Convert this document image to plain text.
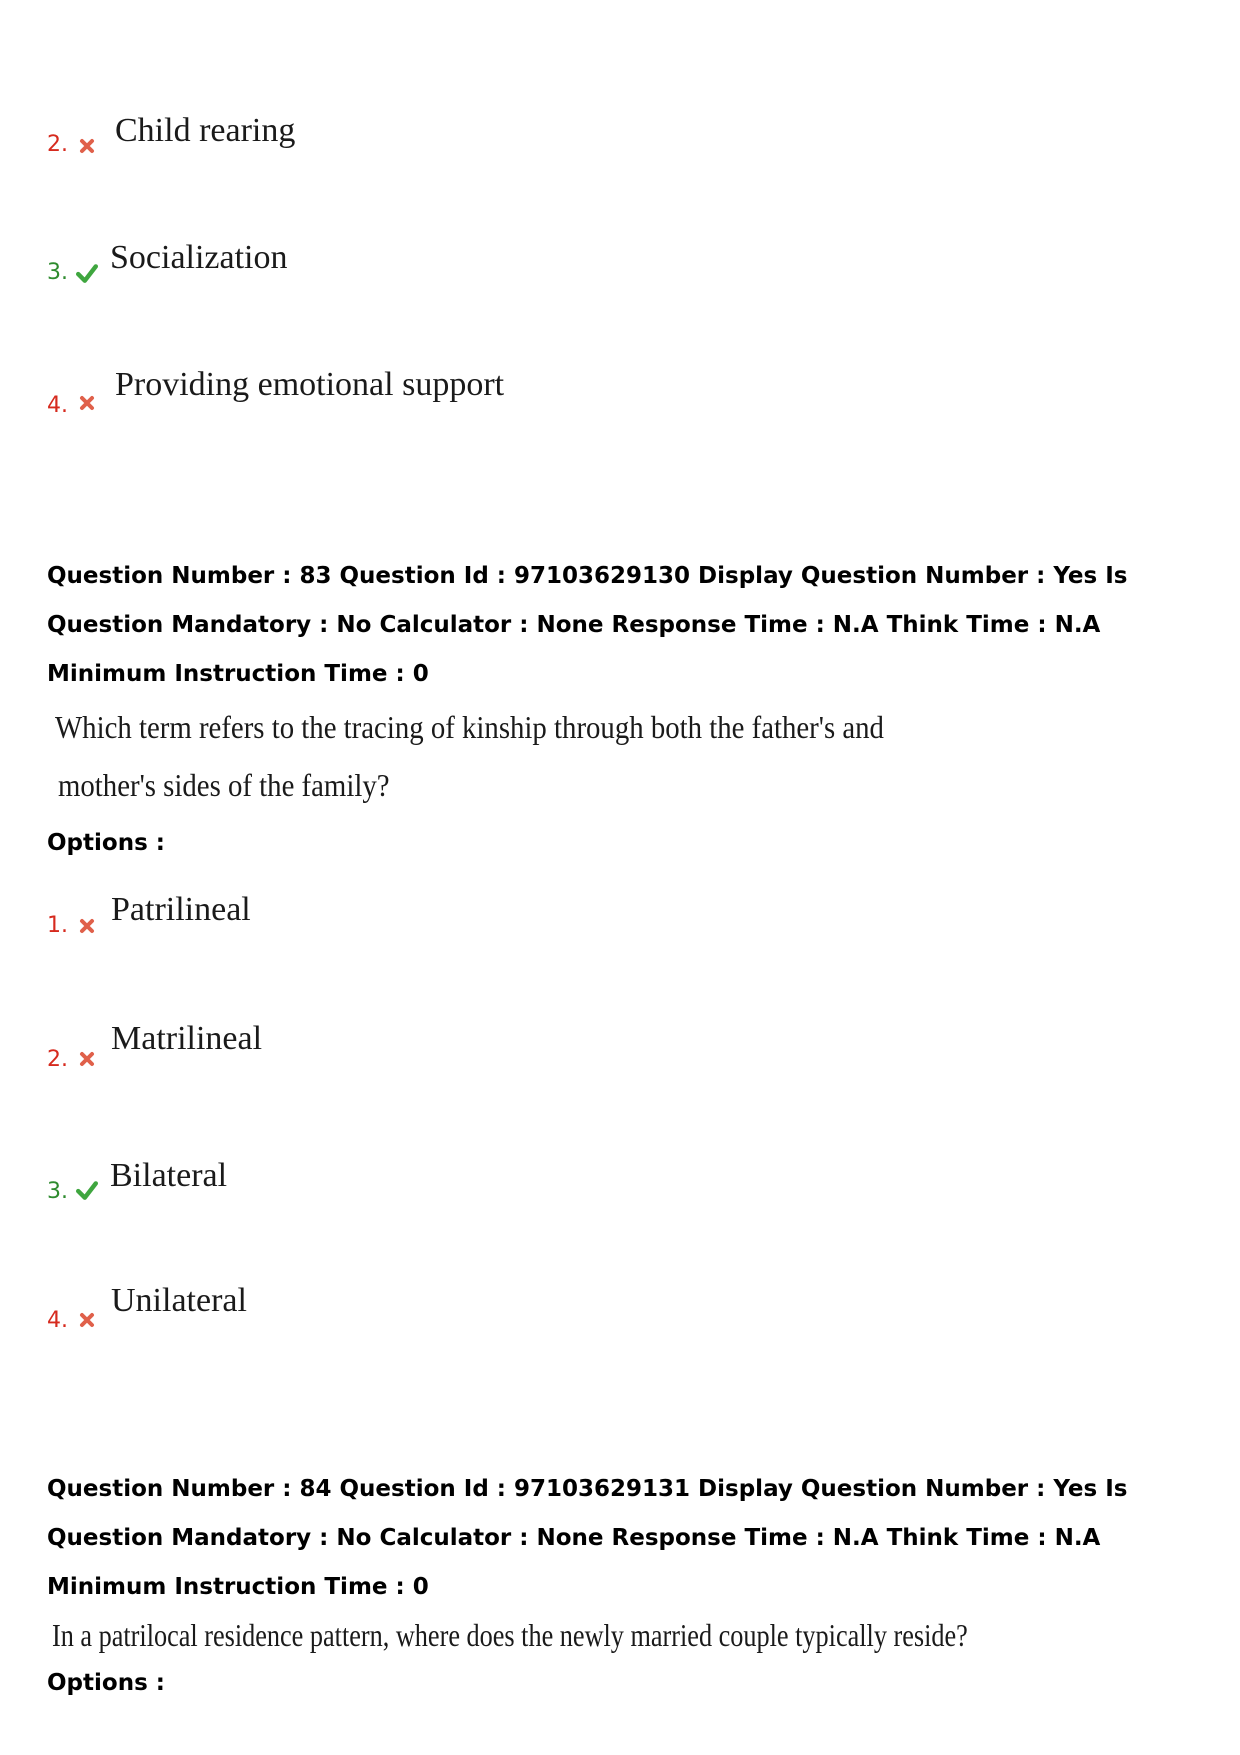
2. Child rearing
3. Socialization
4.
Providing emotional support
Question Number : 83 Question Id : 97103629130 Display Question Number : Yes Is Question Mandatory : No Calculator : None Response Time : N.A Think Time : N.A Minimum Instruction Time : 0
Which term refers to the tracing of kinship through both the father's and
mother's sides of the family?
Options :
1. Patrilineal
2.
Matrilineal
3. Bilateral
4.
Unilateral
Question Number : 84 Question Id : 97103629131 Display Question Number : Yes Is Question Mandatory : No Calculator : None Response Time : N.A Think Time : N.A Minimum Instruction Time : 0
In a patrilocal residence pattern, where does the newly married couple typically reside?
Options :
